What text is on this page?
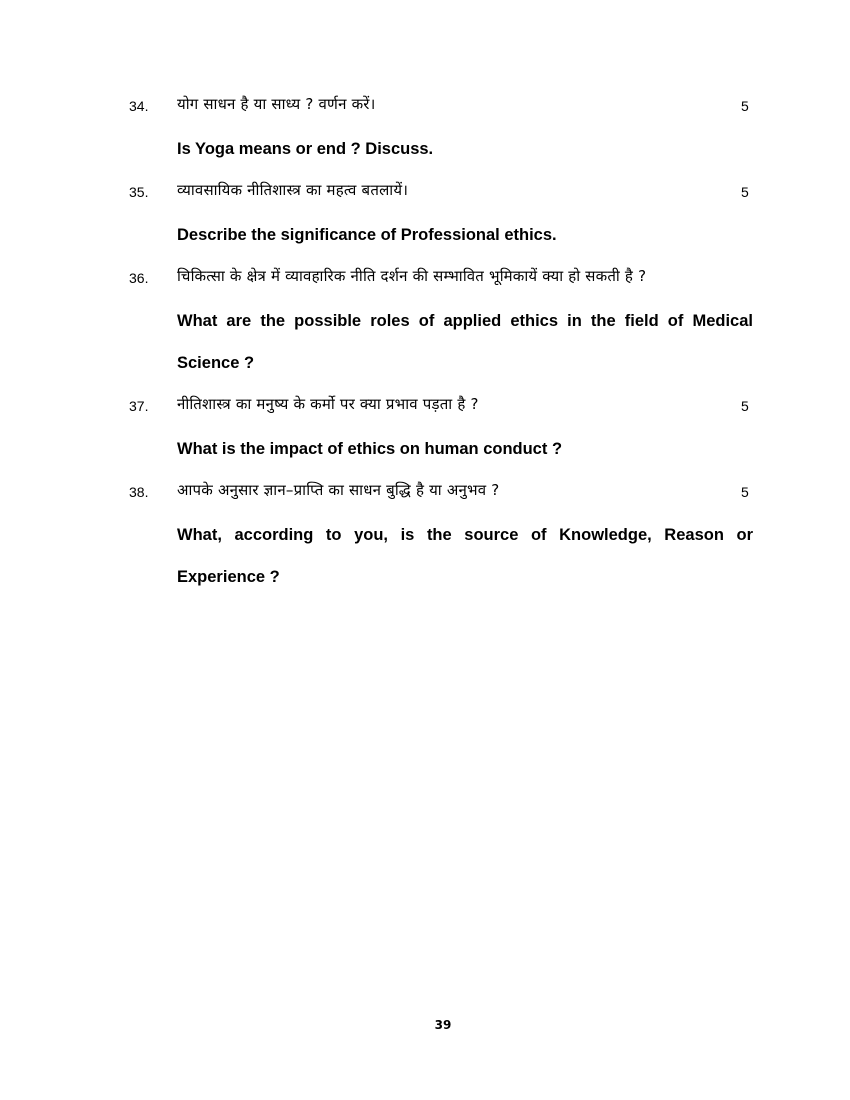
34. योग साधन है या साध्य ? वर्णन करें।	5
Is Yoga means or end ? Discuss.
35. व्यावसायिक नीतिशास्त्र का महत्व बतलायें।	5
Describe the significance of Professional ethics.
36. चिकित्सा के क्षेत्र में व्यावहारिक नीति दर्शन की सम्भावित भूमिकायें क्या हो सकती है ?
What are the possible roles of applied ethics in the field of Medical Science ?
37. नीतिशास्त्र का मनुष्य के कर्मो पर क्या प्रभाव पड़ता है ?	5
What is the impact of ethics on human conduct ?
38. आपके अनुसार ज्ञान–प्राप्ति का साधन बुद्धि है या अनुभव ?	5
What, according to you, is the source of Knowledge, Reason or Experience ?
39
